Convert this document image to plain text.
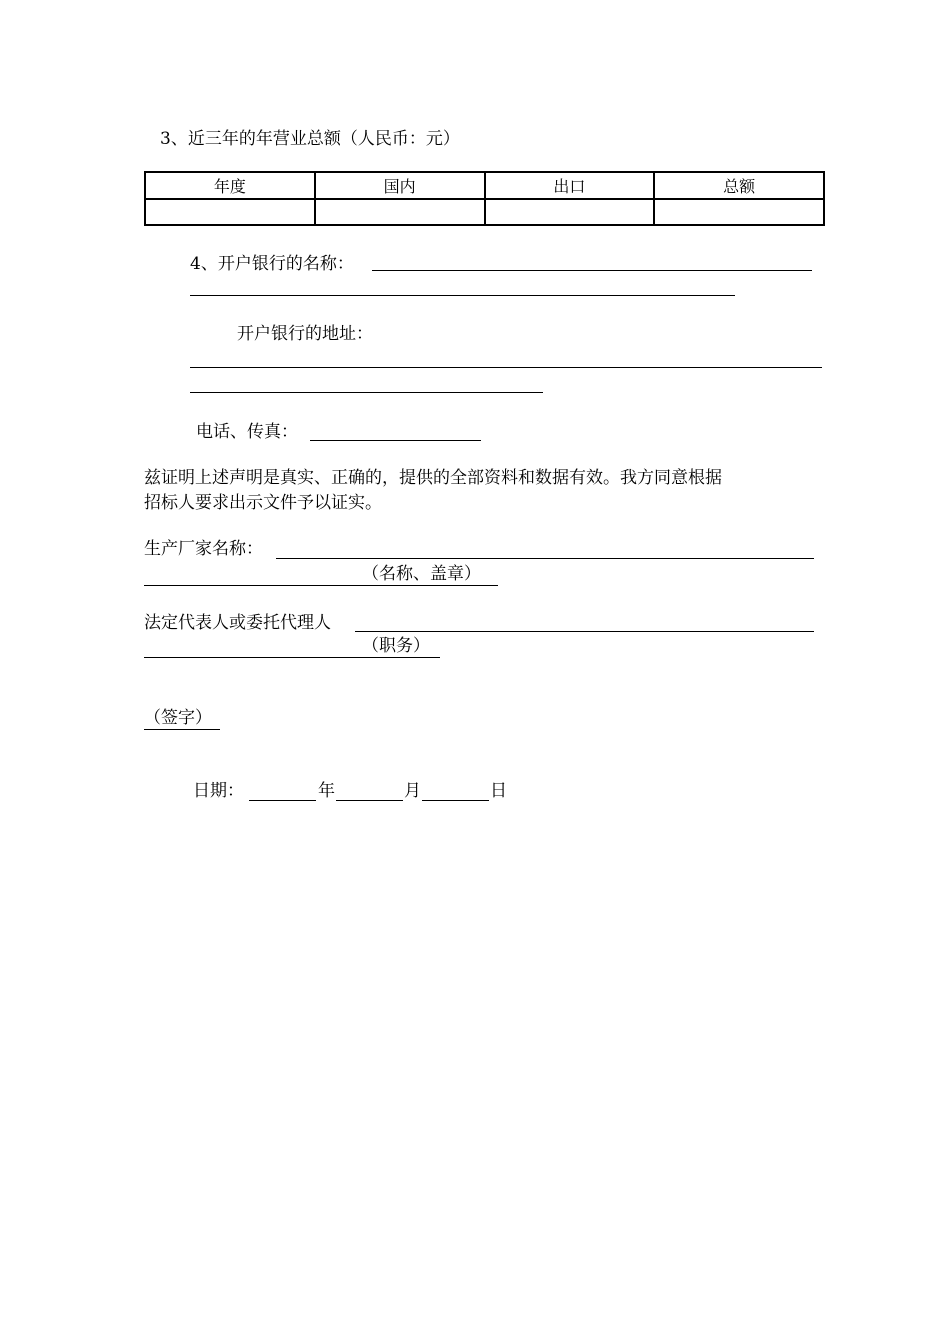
3、近三年的年营业总额（人民币：元）
年度	国内	出口	总额

4、开户银行的名称：
开户银行的地址：
电话、传真：
兹证明上述声明是真实、正确的，提供的全部资料和数据有效。我方同意根据
招标人要求出示文件予以证实。
生产厂家名称：
（名称、盖章）
法定代表人或委托代理人
（职务）
（签字）
日期：	年	月	日
